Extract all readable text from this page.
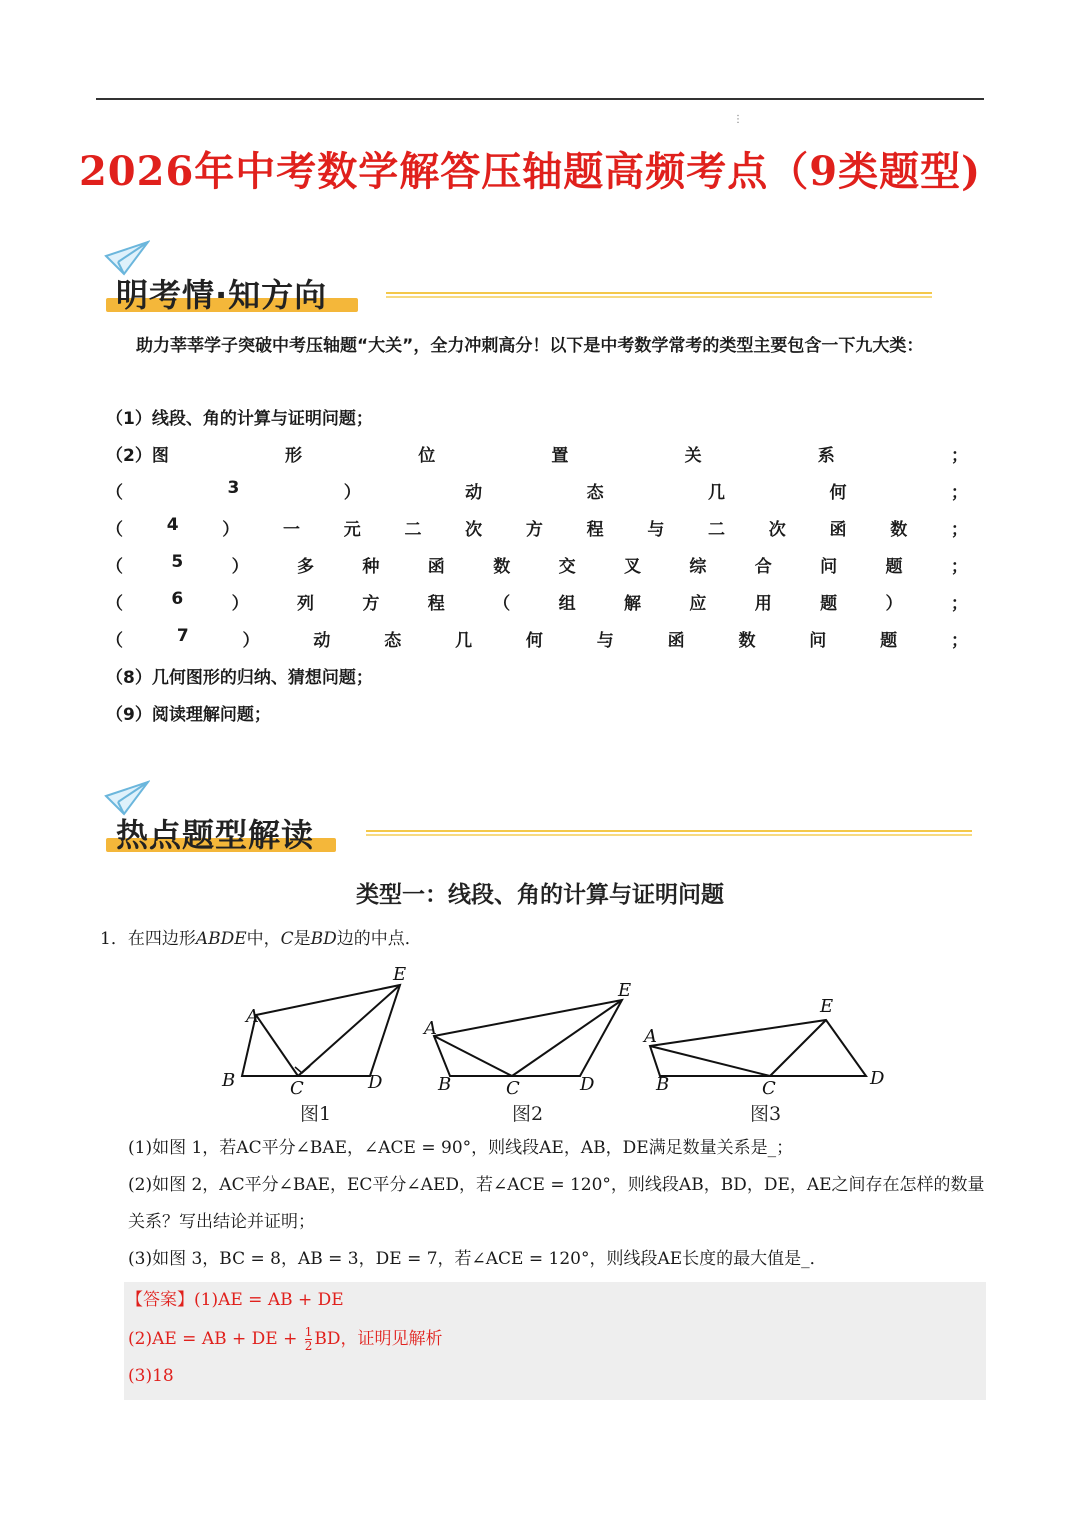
⋮
2026年中考数学解答压轴题高频考点（9类题型)
明考情·知方向
助力莘莘学子突破中考压轴题“大关”，全力冲刺高分！以下是中考数学常考的类型主要包含一下九大类：
（1）线段、角的计算与证明问题；
（2）图	形	位	置	关	系	；
（	3	）	动	态	几	何	；
（	4	）	一	元	二	次	方	程	与	二	次	函	数	；
（	5	）	多	种	函	数	交	叉	综	合	问	题	；
（	6	）	列	方	程	（	组	解	应	用	题	）	；
（	7	）	动	态	几	何	与	函	数	问	题	；
（8）几何图形的归纳、猜想问题；
（9）阅读理解问题；
热点题型解读
类型一：线段、角的计算与证明问题
1．在四边形ABDE中，C是BD边的中点．
A
B	C	D
E
图1
A
B	C	D
E
图2
A
B	C	D
E
图3
(1)如图 1，若AC平分∠BAE，∠ACE = 90°，则线段AE，AB，DE满足数量关系是_；
(2)如图 2，AC平分∠BAE，EC平分∠AED，若∠ACE = 120°，则线段AB，BD，DE，AE之间存在怎样的数量关系？写出结论并证明；
(3)如图 3，BC = 8，AB = 3，DE = 7，若∠ACE = 120°，则线段AE长度的最大值是_．
【答案】(1)AE = AB + DE
(2)AE = AB + DE + $\frac{1}{2}$ BD，证明见解析
(3)18
